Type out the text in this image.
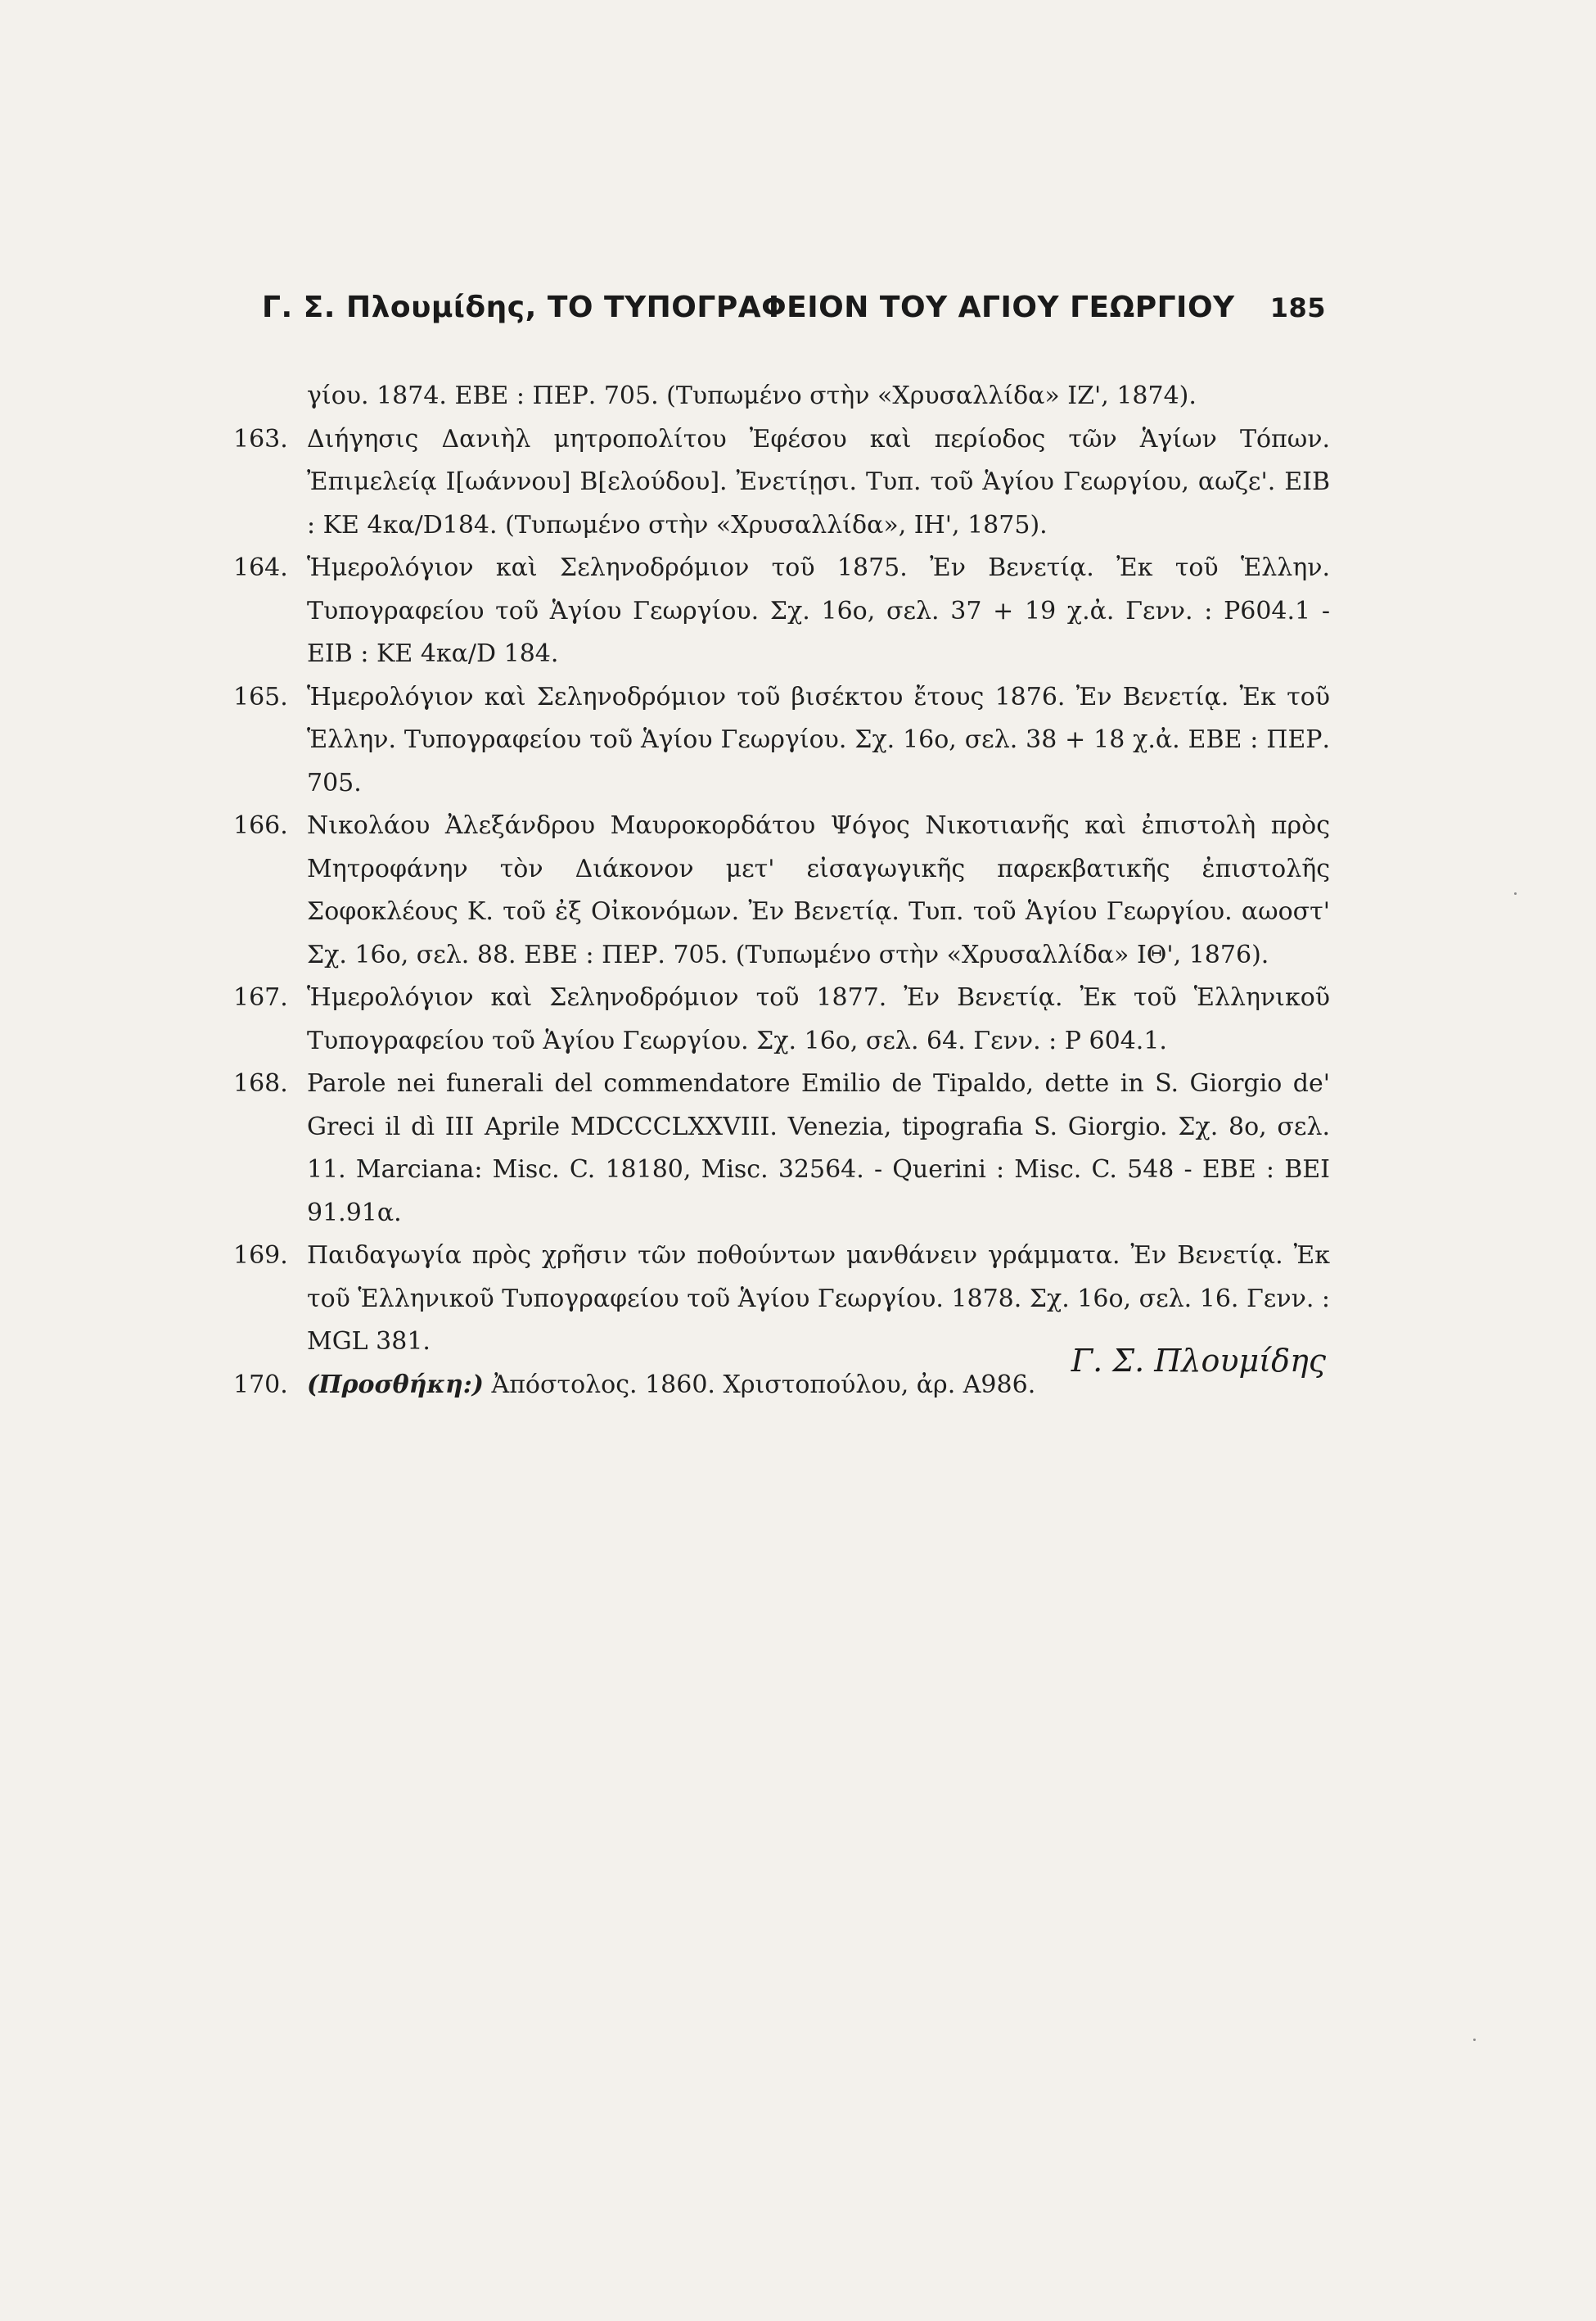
Γ. Σ. Πλουμίδης, ΤΟ ΤΥΠΟΓΡΑΦΕΙΟΝ ΤΟΥ ΑΓΙΟΥ ΓΕΩΡΓΙΟΥ 185
γίου. 1874. ΕΒΕ : ΠΕΡ. 705. (Τυπωμένο στὴν «Χρυσαλλίδα» ΙΖ', 1874).
163. Διήγησις Δανιὴλ μητροπολίτου Ἐφέσου καὶ περίοδος τῶν Ἁγίων Τόπων. Ἐπιμελείᾳ Ι[ωάννου] Β[ελούδου]. Ἐνετίῃσι. Τυπ. τοῦ Ἁγίου Γεωργίου, αωζε'. ΕΙΒ : ΚΕ 4κα/D184. (Τυπωμένο στὴν «Χρυσαλλίδα», ΙΗ', 1875).
164. Ἡμερολόγιον καὶ Σεληνοδρόμιον τοῦ 1875. Ἐν Βενετίᾳ. Ἐκ τοῦ Ἑλλην. Τυπογραφείου τοῦ Ἁγίου Γεωργίου. Σχ. 16ο, σελ. 37 + 19 χ.ἀ. Γενν. : Ρ604.1 - ΕΙΒ : ΚΕ 4κα/D 184.
165. Ἡμερολόγιον καὶ Σεληνοδρόμιον τοῦ βισέκτου ἔτους 1876. Ἐν Βενετίᾳ. Ἐκ τοῦ Ἑλλην. Τυπογραφείου τοῦ Ἁγίου Γεωργίου. Σχ. 16ο, σελ. 38 + 18 χ.ἀ. ΕΒΕ : ΠΕΡ. 705.
166. Νικολάου Ἀλεξάνδρου Μαυροκορδάτου Ψόγος Νικοτιανῆς καὶ ἐπιστολὴ πρὸς Μητροφάνην τὸν Διάκονον μετ' εἰσαγωγικῆς παρεκβατικῆς ἐπιστολῆς Σοφοκλέους Κ. τοῦ ἐξ Οἰκονόμων. Ἐν Βενετίᾳ. Τυπ. τοῦ Ἁγίου Γεωργίου. αωοστ' Σχ. 16ο, σελ. 88. ΕΒΕ : ΠΕΡ. 705. (Τυπωμένο στὴν «Χρυσαλλίδα» ΙΘ', 1876).
167. Ἡμερολόγιον καὶ Σεληνοδρόμιον τοῦ 1877. Ἐν Βενετίᾳ. Ἐκ τοῦ Ἑλληνικοῦ Τυπογραφείου τοῦ Ἁγίου Γεωργίου. Σχ. 16ο, σελ. 64. Γενν. : Ρ 604.1.
168. Parole nei funerali del commendatore Emilio de Tipaldo, dette in S. Giorgio de' Greci il dì III Aprile MDCCCLXXVIII. Venezia, tipografia S. Giorgio. Σχ. 8ο, σελ. 11. Marciana: Misc. C. 18180, Misc. 32564. - Querini : Misc. C. 548 - ΕΒΕ : ΒΕΙ 91.91α.
169. Παιδαγωγία πρὸς χρῆσιν τῶν ποθούντων μανθάνειν γράμματα. Ἐν Βενετίᾳ. Ἐκ τοῦ Ἑλληνικοῦ Τυπογραφείου τοῦ Ἁγίου Γεωργίου. 1878. Σχ. 16ο, σελ. 16. Γενν. : MGL 381.
170. (Προσθήκη:) Ἀπόστολος. 1860. Χριστοπούλου, ἀρ. Α986.
Γ. Σ. Πλουμίδης
